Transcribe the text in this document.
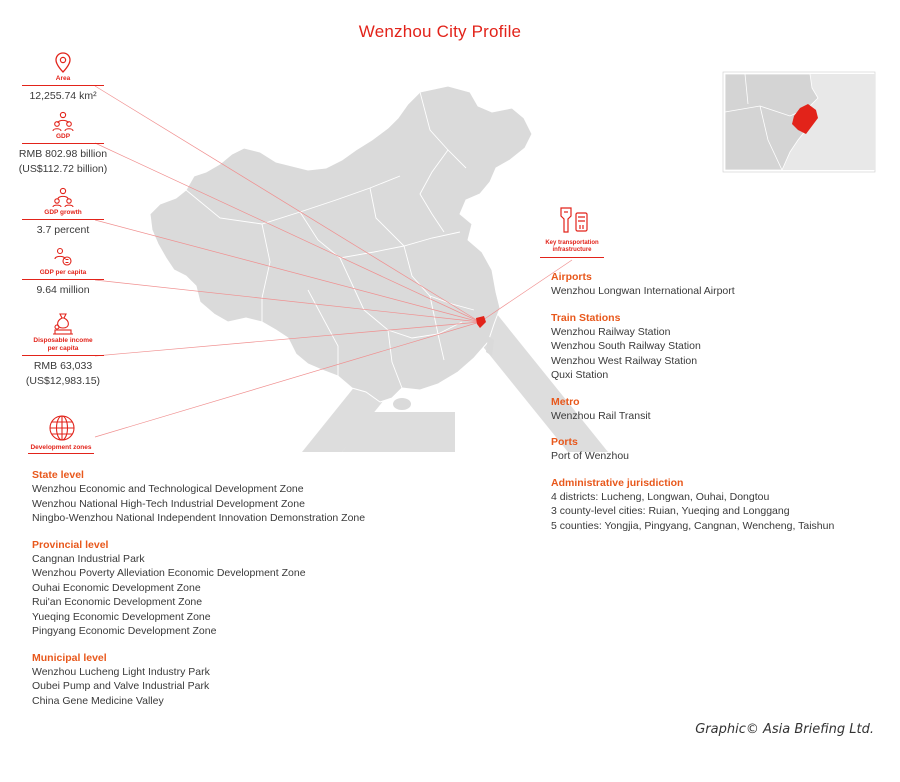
Wenzhou City Profile
Area
12,255.74 km²
GDP
RMB 802.98 billion
(US$112.72 billion)
GDP growth
3.7 percent
GDP per capita
9.64 million
Disposable income
per capita
RMB 63,033
(US$12,983.15)
Development zones
State level
Wenzhou Economic and Technological Development Zone
Wenzhou National High-Tech Industrial Development Zone
Ningbo-Wenzhou National Independent Innovation Demonstration Zone
Provincial level
Cangnan Industrial Park
Wenzhou Poverty Alleviation Economic Development Zone
Ouhai Economic Development Zone
Rui'an Economic Development Zone
Yueqing Economic Development Zone
Pingyang Economic Development Zone
Municipal level
Wenzhou Lucheng Light Industry Park
Oubei Pump and Valve Industrial Park
China Gene Medicine Valley
Key transportation
infrastructure
Airports
Wenzhou Longwan International Airport
Train Stations
Wenzhou Railway Station
Wenzhou South Railway Station
Wenzhou West Railway Station
Quxi Station
Metro
Wenzhou Rail Transit
Ports
Port of Wenzhou
Administrative jurisdiction
4 districts: Lucheng, Longwan, Ouhai, Dongtou
3 county-level cities: Ruian, Yueqing and Longgang
5 counties: Yongjia, Pingyang, Cangnan, Wencheng, Taishun
Graphic© Asia Briefing Ltd.
